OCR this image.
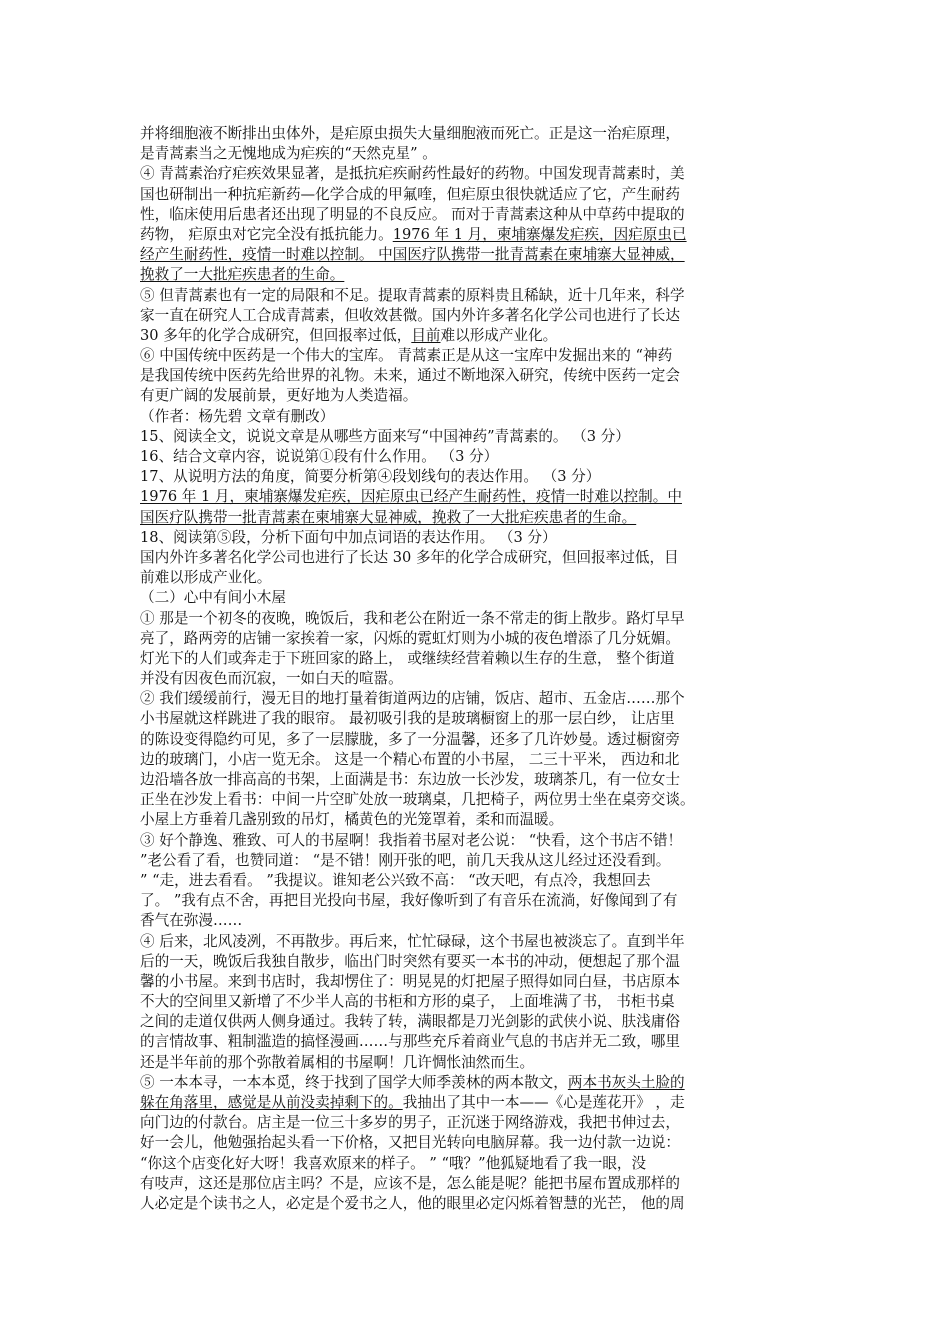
并将细胞液不断排出虫体外，是疟原虫损失大量细胞液而死亡。正是这一治疟原理，
是青蒿素当之无愧地成为疟疾的“天然克星” 。
④ 青蒿素治疗疟疾效果显著，是抵抗疟疾耐药性最好的药物。中国发现青蒿素时，美
国也研制出一种抗疟新药—化学合成的甲氟喹，但疟原虫很快就适应了它，产生耐药
性，临床使用后患者还出现了明显的不良反应。 而对于青蒿素这种从中草药中提取的
药物， 疟原虫对它完全没有抵抗能力。1976 年 1 月，柬埔寨爆发疟疾，因疟原虫已
经产生耐药性，疫情一时难以控制。 中国医疗队携带一批青蒿素在柬埔寨大显神威，
挽救了一大批疟疾患者的生命。
⑤ 但青蒿素也有一定的局限和不足。提取青蒿素的原料贵且稀缺，近十几年来，科学
家一直在研究人工合成青蒿素，但收效甚微。国内外许多著名化学公司也进行了长达
30 多年的化学合成研究，但回报率过低，目前难以形成产业化。
⑥ 中国传统中医药是一个伟大的宝库。 青蒿素正是从这一宝库中发掘出来的 “神药
是我国传统中医药先给世界的礼物。未来，通过不断地深入研究，传统中医药一定会
有更广阔的发展前景，更好地为人类造福。
（作者：杨先碧 文章有删改）
15、阅读全文，说说文章是从哪些方面来写“中国神药”青蒿素的。 （3 分）
16、结合文章内容，说说第①段有什么作用。 （3 分）
17、从说明方法的角度，简要分析第④段划线句的表达作用。 （3 分）
1976 年 1 月，柬埔寨爆发疟疾，因疟原虫已经产生耐药性，疫情一时难以控制。中
国医疗队携带一批青蒿素在柬埔寨大显神威，挽救了一大批疟疾患者的生命。
18、阅读第⑤段，分析下面句中加点词语的表达作用。 （3 分）
国内外许多著名化学公司也进行了长达 30 多年的化学合成研究，但回报率过低，目
前难以形成产业化。
（二）心中有间小木屋
① 那是一个初冬的夜晚，晚饭后，我和老公在附近一条不常走的街上散步。路灯早早
亮了，路两旁的店铺一家挨着一家，闪烁的霓虹灯则为小城的夜色增添了几分妩媚。
灯光下的人们或奔走于下班回家的路上， 或继续经营着赖以生存的生意， 整个街道
并没有因夜色而沉寂，一如白天的喧嚣。
② 我们缓缓前行，漫无目的地打量着街道两边的店铺，饭店、超市、五金店……那个
小书屋就这样跳进了我的眼帘。 最初吸引我的是玻璃橱窗上的那一层白纱， 让店里
的陈设变得隐约可见，多了一层朦胧，多了一分温馨，还多了几许妙曼。透过橱窗旁
边的玻璃门，小店一览无余。 这是一个精心布置的小书屋， 二三十平米， 西边和北
边沿墙各放一排高高的书架，上面满是书：东边放一长沙发，玻璃茶几，有一位女士
正坐在沙发上看书：中间一片空旷处放一玻璃桌，几把椅子，两位男士坐在桌旁交谈。
小屋上方垂着几盏别致的吊灯，橘黄色的光笼罩着，柔和而温暖。
③ 好个静逸、雅致、可人的书屋啊！我指着书屋对老公说： “快看，这个书店不错！
”老公看了看，也赞同道： “是不错！刚开张的吧，前几天我从这儿经过还没看到。
” “走，进去看看。 ”我提议。谁知老公兴致不高： “改天吧，有点冷，我想回去
了。 ”我有点不舍，再把目光投向书屋，我好像听到了有音乐在流淌，好像闻到了有
香气在弥漫……
④ 后来，北风凌冽，不再散步。再后来，忙忙碌碌，这个书屋也被淡忘了。直到半年
后的一天，晚饭后我独自散步，临出门时突然有要买一本书的冲动，便想起了那个温
馨的小书屋。来到书店时，我却愣住了：明晃晃的灯把屋子照得如同白昼，书店原本
不大的空间里又新增了不少半人高的书柜和方形的桌子， 上面堆满了书， 书柜书桌
之间的走道仅供两人侧身通过。我转了转，满眼都是刀光剑影的武侠小说、肤浅庸俗
的言情故事、粗制滥造的搞怪漫画……与那些充斥着商业气息的书店并无二致，哪里
还是半年前的那个弥散着属相的书屋啊！几许惆怅油然而生。
⑤ 一本本寻，一本本觅，终于找到了国学大师季羡林的两本散文，两本书灰头土脸的
躲在角落里，感觉是从前没卖掉剩下的。我抽出了其中一本——《心是莲花开》 ，走
向门边的付款台。店主是一位三十多岁的男子，正沉迷于网络游戏，我把书伸过去，
好一会儿，他勉强抬起头看一下价格，又把目光转向电脑屏幕。我一边付款一边说：
“你这个店变化好大呀！我喜欢原来的样子。 ” “哦？”他狐疑地看了我一眼，没
有吱声，这还是那位店主吗？不是，应该不是，怎么能是呢？能把书屋布置成那样的
人必定是个读书之人，必定是个爱书之人，他的眼里必定闪烁着智慧的光芒， 他的周
